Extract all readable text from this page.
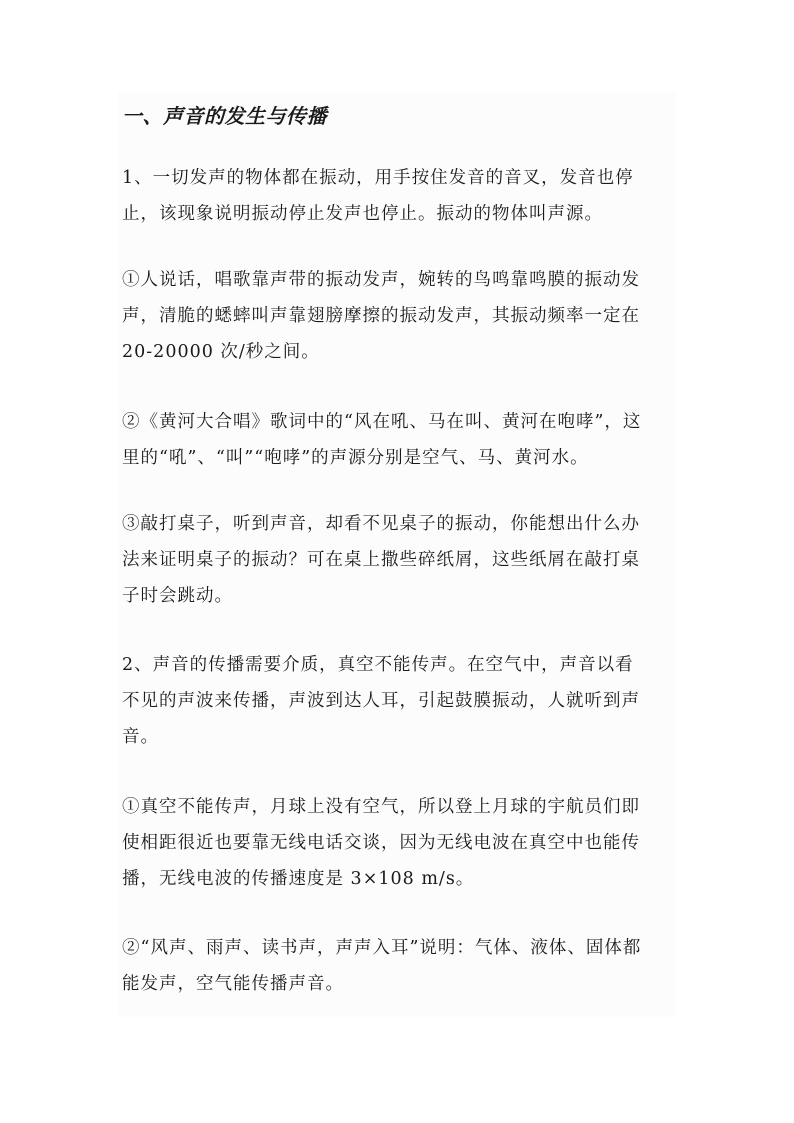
一、声音的发生与传播
1、一切发声的物体都在振动，用手按住发音的音叉，发音也停
止，该现象说明振动停止发声也停止。振动的物体叫声源。
①人说话，唱歌靠声带的振动发声，婉转的鸟鸣靠鸣膜的振动发
声，清脆的蟋蟀叫声靠翅膀摩擦的振动发声，其振动频率一定在
20-20000 次/秒之间。
②《黄河大合唱》歌词中的“风在吼、马在叫、黄河在咆哮”，这
里的“吼”、“叫”“咆哮”的声源分别是空气、马、黄河水。
③敲打桌子，听到声音，却看不见桌子的振动，你能想出什么办
法来证明桌子的振动？可在桌上撒些碎纸屑，这些纸屑在敲打桌
子时会跳动。
2、声音的传播需要介质，真空不能传声。在空气中，声音以看
不见的声波来传播，声波到达人耳，引起鼓膜振动，人就听到声
音。
①真空不能传声，月球上没有空气，所以登上月球的宇航员们即
使相距很近也要靠无线电话交谈，因为无线电波在真空中也能传
播，无线电波的传播速度是 3×108 m/s。
②“风声、雨声、读书声，声声入耳”说明：气体、液体、固体都
能发声，空气能传播声音。
